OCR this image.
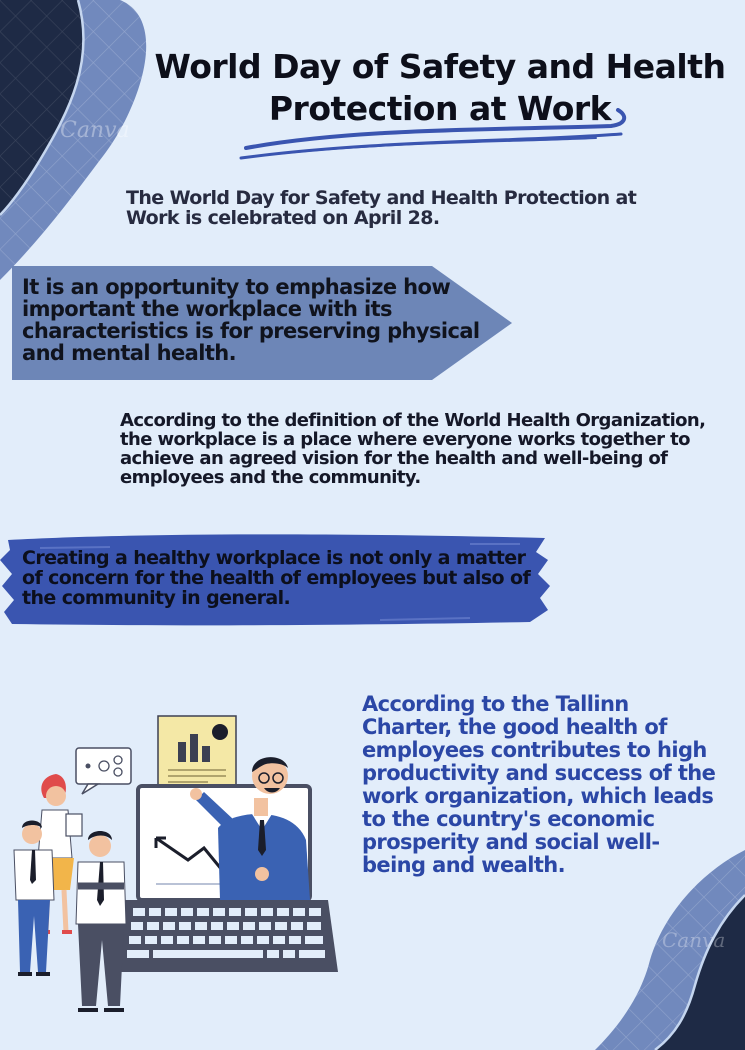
Canva
Canva
World Day of Safety and Health Protection at Work

The World Day for Safety and Health Protection at Work is celebrated on April 28.

It is an opportunity to emphasize how important the workplace with its characteristics is for preserving physical and mental health.

According to the definition of the World Health Organization, the workplace is a place where everyone works together to achieve an agreed vision for the health and well-being of employees and the community.

Creating a healthy workplace is not only a matter of concern for the health of employees but also of the community in general.

According to the Tallinn Charter, the good health of employees contributes to high productivity and success of the work organization, which leads to the country's economic prosperity and social well-being and wealth.
